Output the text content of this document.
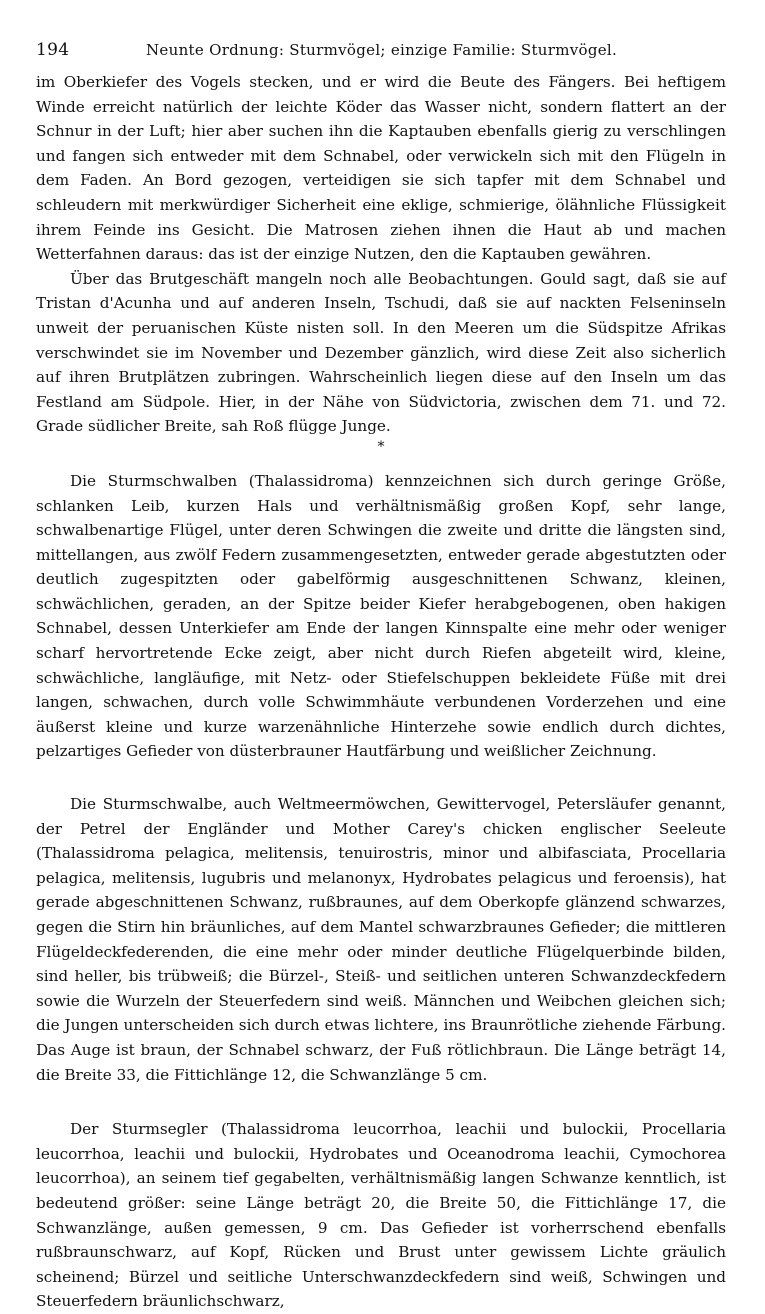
194	Neunte Ordnung: Sturmvögel; einzige Familie: Sturmvögel.

im Oberkiefer des Vogels stecken, und er wird die Beute des Fängers. Bei heftigem Winde erreicht natürlich der leichte Köder das Wasser nicht, sondern flattert an der Schnur in der Luft; hier aber suchen ihn die Kaptauben ebenfalls gierig zu verschlingen und fangen sich entweder mit dem Schnabel, oder verwickeln sich mit den Flügeln in dem Faden. An Bord gezogen, verteidigen sie sich tapfer mit dem Schnabel und schleudern mit merkwürdiger Sicherheit eine eklige, schmierige, ölähnliche Flüssigkeit ihrem Feinde ins Gesicht. Die Matrosen ziehen ihnen die Haut ab und machen Wetterfahnen daraus: das ist der einzige Nutzen, den die Kaptauben gewähren.

Über das Brutgeschäft mangeln noch alle Beobachtungen. Gould sagt, daß sie auf Tristan d'Acunha und auf anderen Inseln, Tschudi, daß sie auf nackten Felseninseln unweit der peruanischen Küste nisten soll. In den Meeren um die Südspitze Afrikas verschwindet sie im November und Dezember gänzlich, wird diese Zeit also sicherlich auf ihren Brutplätzen zubringen. Wahrscheinlich liegen diese auf den Inseln um das Festland am Südpole. Hier, in der Nähe von Südvictoria, zwischen dem 71. und 72. Grade südlicher Breite, sah Roß flügge Junge.

*

Die Sturmschwalben (Thalassidroma) kennzeichnen sich durch geringe Größe, schlanken Leib, kurzen Hals und verhältnismäßig großen Kopf, sehr lange, schwalbenartige Flügel, unter deren Schwingen die zweite und dritte die längsten sind, mittellangen, aus zwölf Federn zusammengesetzten, entweder gerade abgestutzten oder deutlich zugespitzten oder gabelförmig ausgeschnittenen Schwanz, kleinen, schwächlichen, geraden, an der Spitze beider Kiefer herabgebogenen, oben hakigen Schnabel, dessen Unterkiefer am Ende der langen Kinnspalte eine mehr oder weniger scharf hervortretende Ecke zeigt, aber nicht durch Riefen abgeteilt wird, kleine, schwächliche, langläufige, mit Netz- oder Stiefelschuppen bekleidete Füße mit drei langen, schwachen, durch volle Schwimmhäute verbundenen Vorderzehen und eine äußerst kleine und kurze warzenähnliche Hinterzehe sowie endlich durch dichtes, pelzartiges Gefieder von düsterbrauner Hautfärbung und weißlicher Zeichnung.

Die Sturmschwalbe, auch Weltmeermöwchen, Gewittervogel, Petersläufer genannt, der Petrel der Engländer und Mother Carey's chicken englischer Seeleute (Thalassidroma pelagica, melitensis, tenuirostris, minor und albifasciata, Procellaria pelagica, melitensis, lugubris und melanonyx, Hydrobates pelagicus und feroensis), hat gerade abgeschnittenen Schwanz, rußbraunes, auf dem Oberkopfe glänzend schwarzes, gegen die Stirn hin bräunliches, auf dem Mantel schwarzbraunes Gefieder; die mittleren Flügeldeckfederenden, die eine mehr oder minder deutliche Flügelquerbinde bilden, sind heller, bis trübweiß; die Bürzel-, Steiß- und seitlichen unteren Schwanzdeckfedern sowie die Wurzeln der Steuerfedern sind weiß. Männchen und Weibchen gleichen sich; die Jungen unterscheiden sich durch etwas lichtere, ins Braunrötliche ziehende Färbung. Das Auge ist braun, der Schnabel schwarz, der Fuß rötlichbraun. Die Länge beträgt 14, die Breite 33, die Fittichlänge 12, die Schwanzlänge 5 cm.

Der Sturmsegler (Thalassidroma leucorrhoa, leachii und bulockii, Procellaria leucorrhoa, leachii und bulockii, Hydrobates und Oceanodroma leachii, Cymochorea leucorrhoa), an seinem tief gegabelten, verhältnismäßig langen Schwanze kenntlich, ist bedeutend größer: seine Länge beträgt 20, die Breite 50, die Fittichlänge 17, die Schwanzlänge, außen gemessen, 9 cm. Das Gefieder ist vorherrschend ebenfalls rußbraunschwarz, auf Kopf, Rücken und Brust unter gewissem Lichte gräulich scheinend; Bürzel und seitliche Unterschwanzdeckfedern sind weiß, Schwingen und Steuerfedern bräunlichschwarz,
